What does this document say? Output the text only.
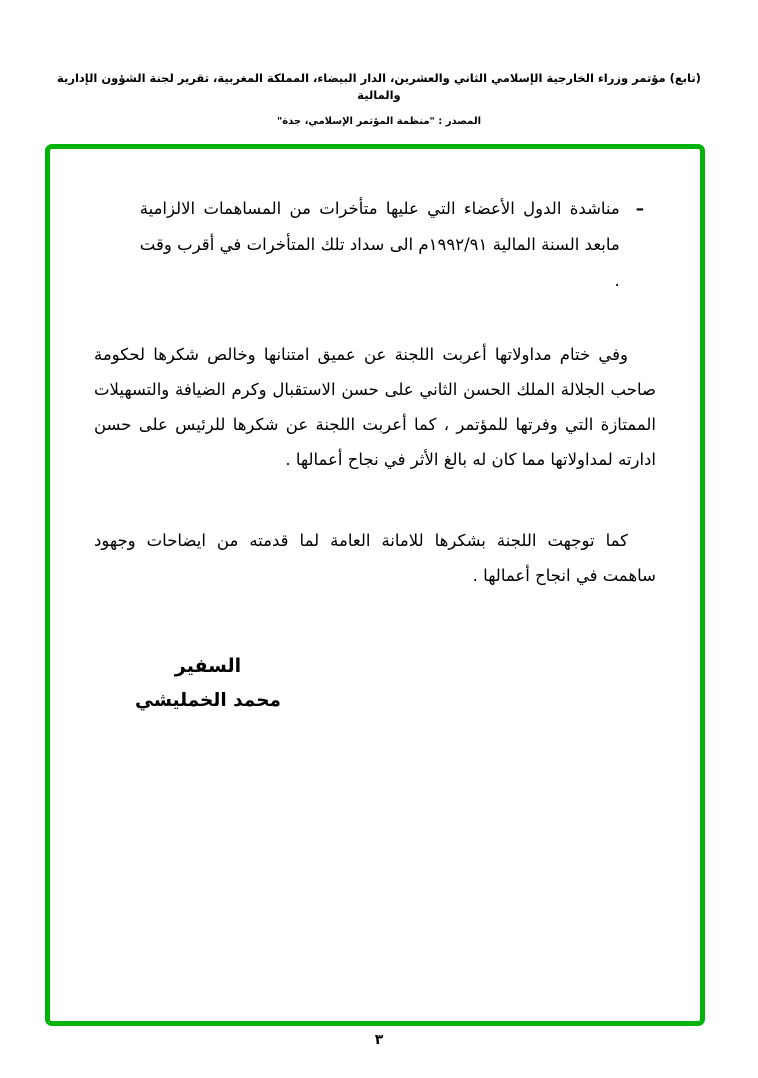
(تابع) مؤتمر وزراء الخارجية الإسلامي الثاني والعشرين، الدار البيضاء، المملكة المغربية، تقرير لجنة الشؤون الإدارية والمالية
المصدر : "منظمة المؤتمر الإسلامي، جدة"
–
مناشدة الدول الأعضاء التي عليها متأخرات من المساهمات الالزامية مابعد السنة المالية ١٩٩٢/٩١م الى سداد تلك المتأخرات في أقرب وقت .
وفي ختام مداولاتها أعربت اللجنة عن عميق امتنانها وخالص شكرها لحكومة صاحب الجلالة الملك الحسن الثاني على حسن الاستقبال وكرم الضيافة والتسهيلات الممتازة التي وفرتها للمؤتمر ، كما أعربت اللجنة عن شكرها للرئيس على حسن ادارته لمداولاتها مما كان له بالغ الأثر في نجاح أعمالها .
كما توجهت اللجنة بشكرها للامانة العامة لما قدمته من ايضاحات وجهود ساهمت في انجاح أعمالها .
السفير
محمد الخمليشي
٣
